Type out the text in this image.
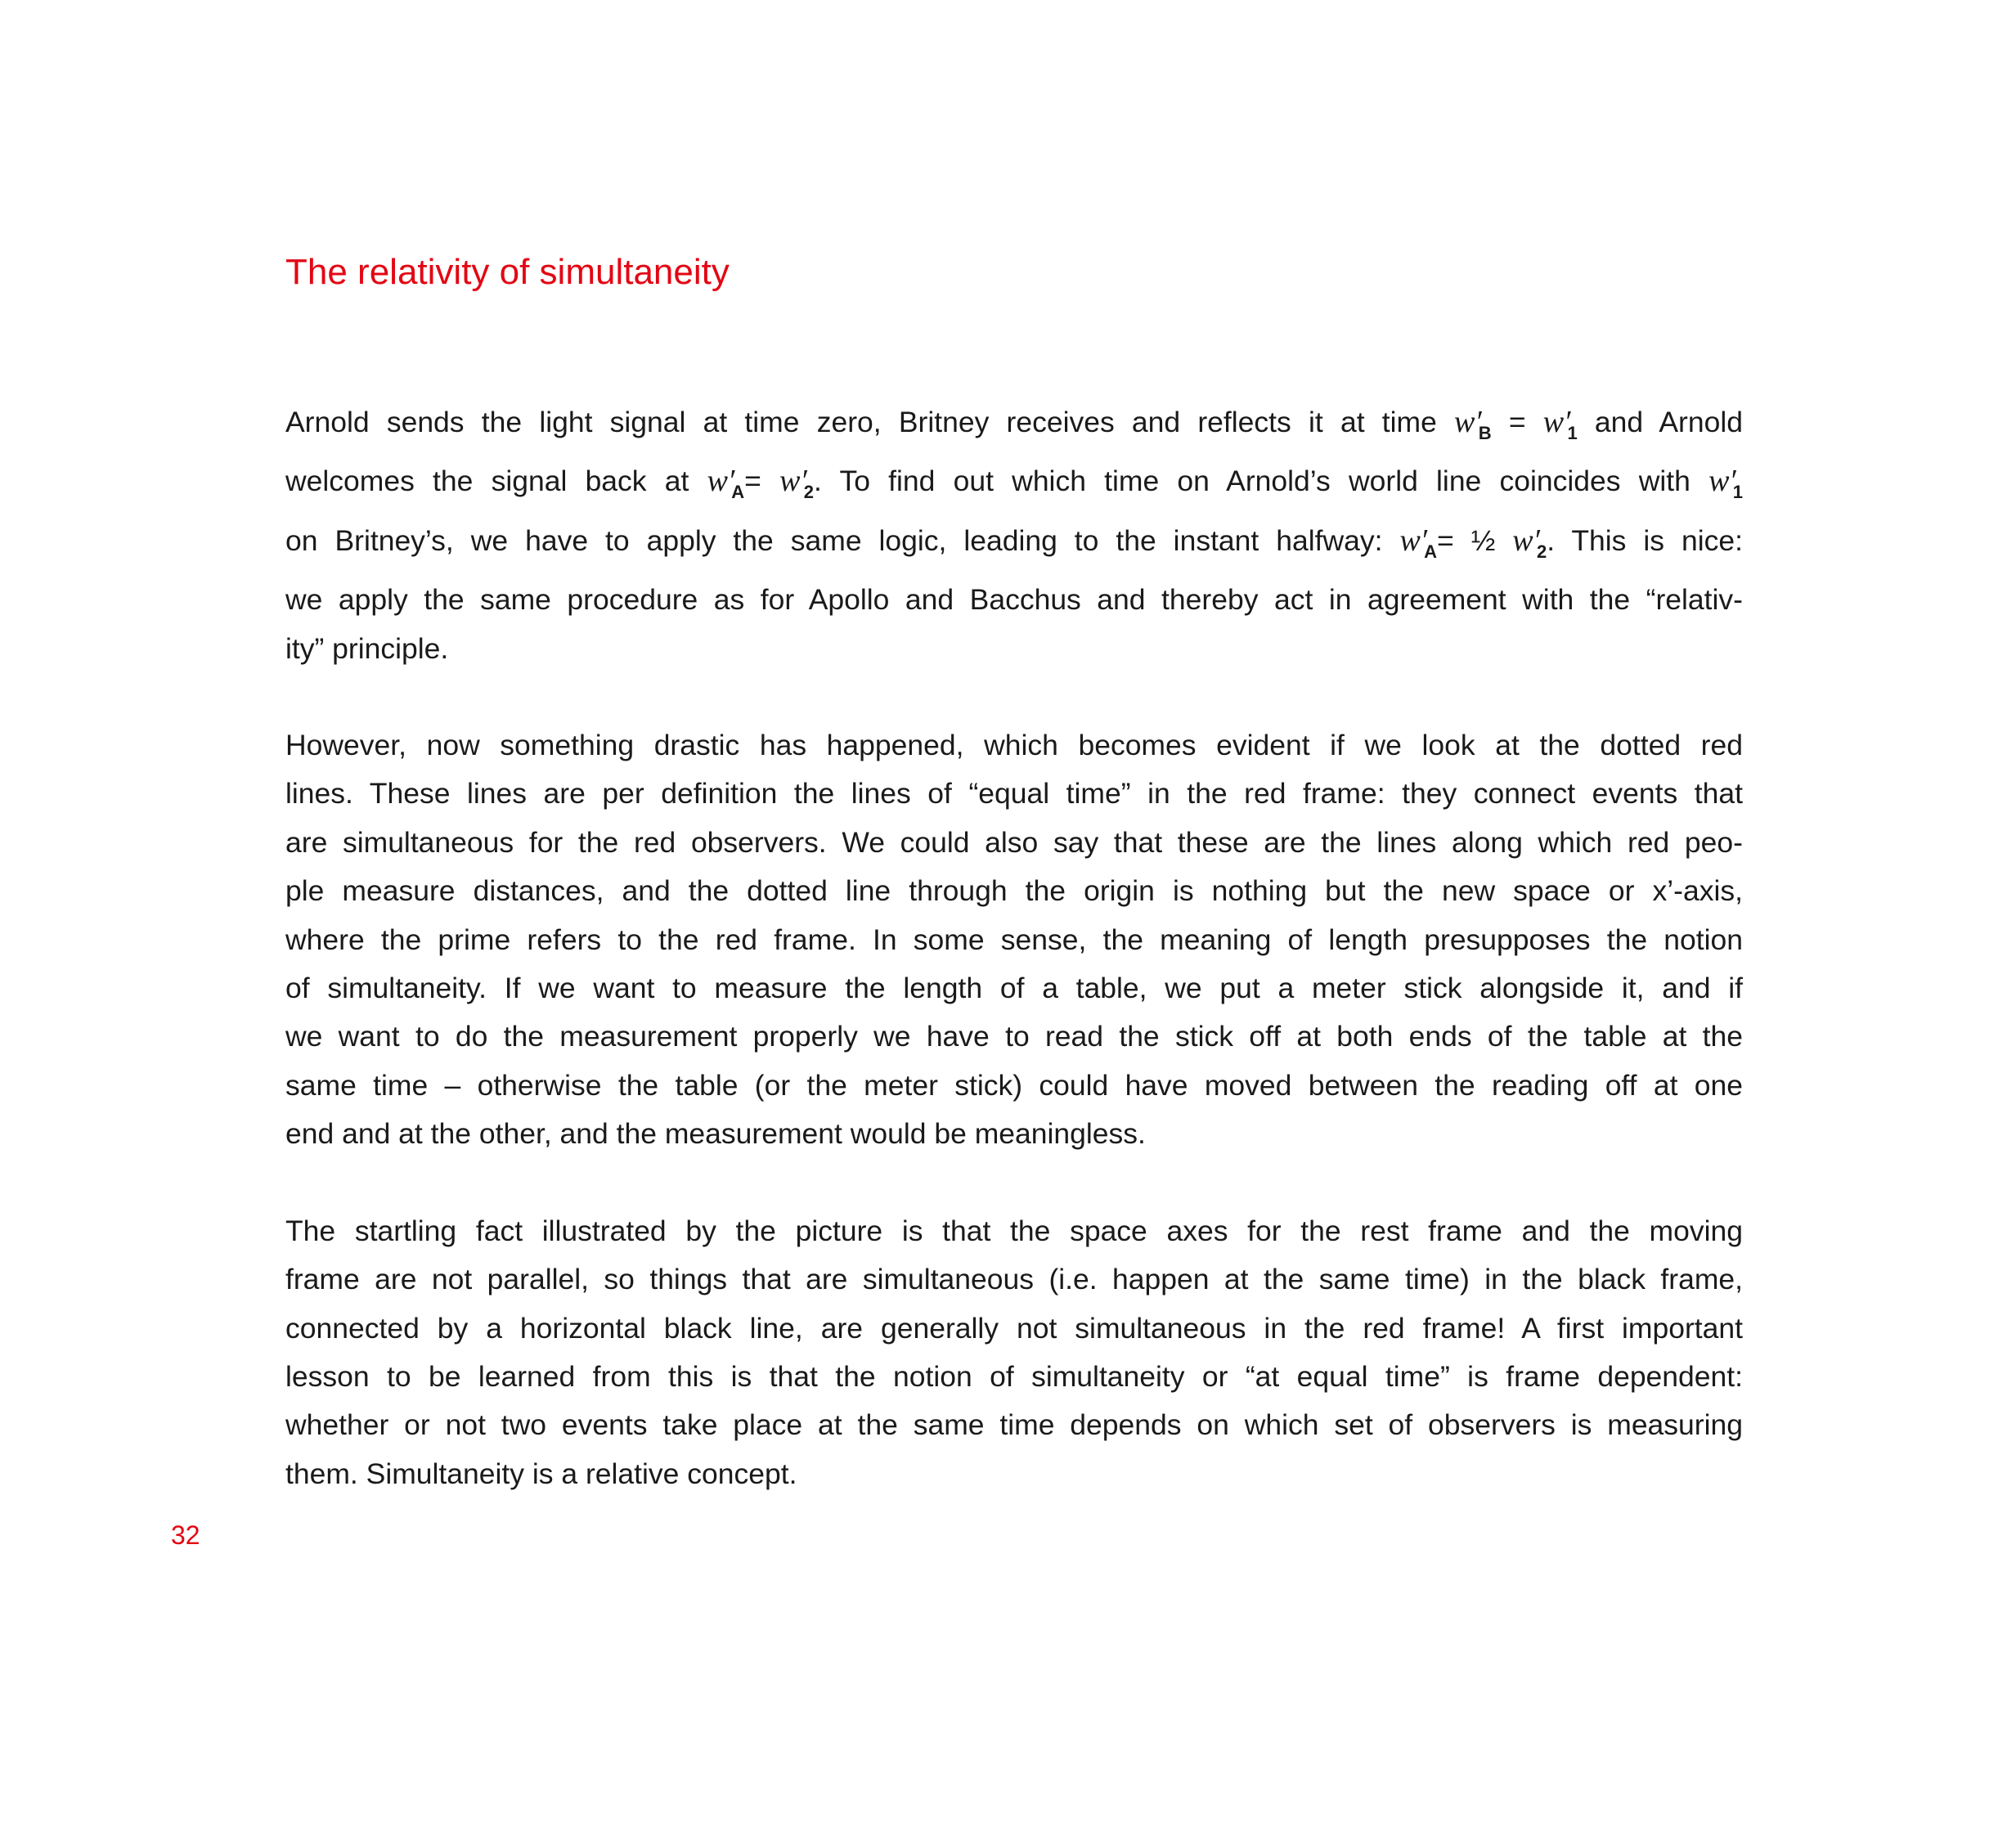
The relativity of simultaneity

Arnold sends the light signal at time zero, Britney receives and reflects it at time $w'_B = w'_1$ and Arnold
welcomes the signal back at $w'_A= w'_2$. To find out which time on Arnold’s world line coincides with $w'_1$
on Britney’s, we have to apply the same logic, leading to the instant halfway: $w'_A=$ ½ $w'_2$. This is nice:
we apply the same procedure as for Apollo and Bacchus and thereby act in agreement with the “relativ-
ity” principle.

However, now something drastic has happened, which becomes evident if we look at the dotted red
lines. These lines are per definition the lines of “equal time” in the red frame: they connect events that
are simultaneous for the red observers. We could also say that these are the lines along which red peo-
ple measure distances, and the dotted line through the origin is nothing but the new space or x’-axis,
where the prime refers to the red frame. In some sense, the meaning of length presupposes the notion
of simultaneity. If we want to measure the length of a table, we put a meter stick alongside it, and if
we want to do the measurement properly we have to read the stick off at both ends of the table at the
same time – otherwise the table (or the meter stick) could have moved between the reading off at one
end and at the other, and the measurement would be meaningless.

The startling fact illustrated by the picture is that the space axes for the rest frame and the moving
frame are not parallel, so things that are simultaneous (i.e. happen at the same time) in the black frame,
connected by a horizontal black line, are generally not simultaneous in the red frame! A first important
lesson to be learned from this is that the notion of simultaneity or “at equal time” is frame dependent:
whether or not two events take place at the same time depends on which set of observers is measuring
them. Simultaneity is a relative concept.

32
